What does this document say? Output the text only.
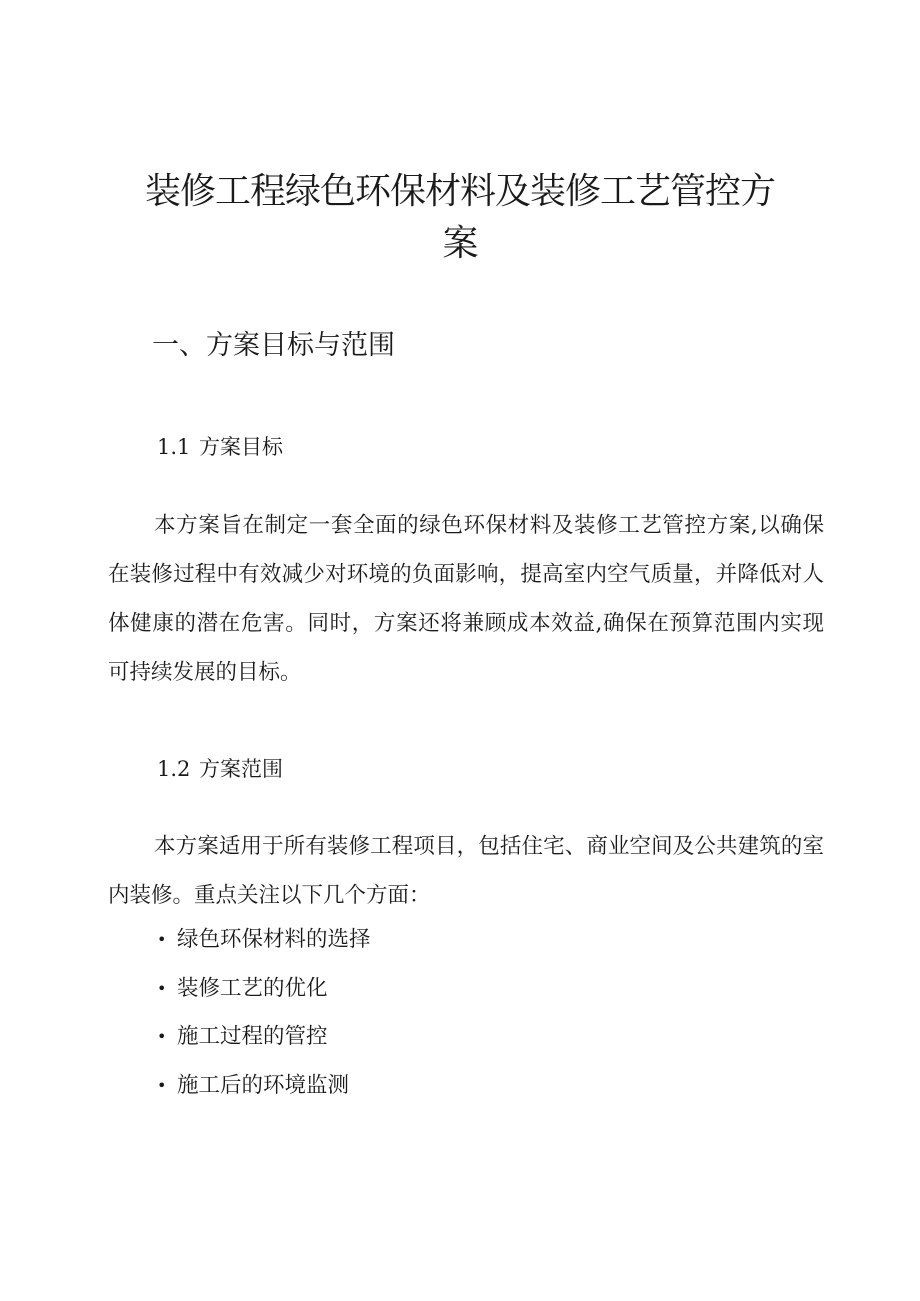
装修工程绿色环保材料及装修工艺管控方案
一、方案目标与范围
1.1 方案目标

本方案旨在制定一套全面的绿色环保材料及装修工艺管控方案,以确保在装修过程中有效减少对环境的负面影响，提高室内空气质量，并降低对人体健康的潜在危害。同时，方案还将兼顾成本效益,确保在预算范围内实现可持续发展的目标。

1.2 方案范围

本方案适用于所有装修工程项目，包括住宅、商业空间及公共建筑的室内装修。重点关注以下几个方面：

• 绿色环保材料的选择
• 装修工艺的优化
• 施工过程的管控
• 施工后的环境监测
